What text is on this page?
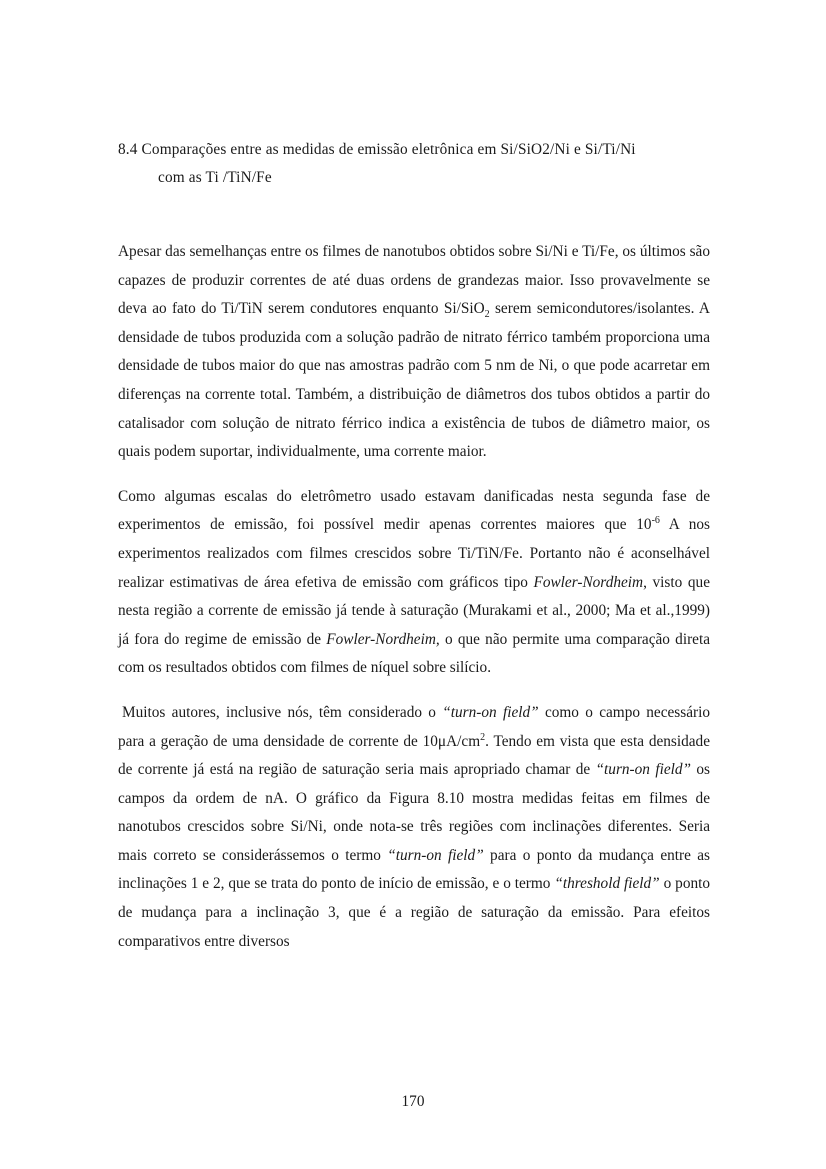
8.4 Comparações entre as medidas de emissão eletrônica em Si/SiO2/Ni e Si/Ti/Ni
com as Ti /TiN/Fe

Apesar das semelhanças entre os filmes de nanotubos obtidos sobre Si/Ni e Ti/Fe, os últimos são capazes de produzir correntes de até duas ordens de grandezas maior. Isso provavelmente se deva ao fato do Ti/TiN serem condutores enquanto Si/SiO$_2$ serem semicondutores/isolantes. A densidade de tubos produzida com a solução padrão de nitrato férrico também proporciona uma densidade de tubos maior do que nas amostras padrão com 5 nm de Ni, o que pode acarretar em diferenças na corrente total. Também, a distribuição de diâmetros dos tubos obtidos a partir do catalisador com solução de nitrato férrico indica a existência de tubos de diâmetro maior, os quais podem suportar, individualmente, uma corrente maior.

Como algumas escalas do eletrômetro usado estavam danificadas nesta segunda fase de experimentos de emissão, foi possível medir apenas correntes maiores que $10^{-6}$ A nos experimentos realizados com filmes crescidos sobre Ti/TiN/Fe. Portanto não é aconselhável realizar estimativas de área efetiva de emissão com gráficos tipo Fowler-Nordheim, visto que nesta região a corrente de emissão já tende à saturação (Murakami et al., 2000; Ma et al.,1999) já fora do regime de emissão de Fowler-Nordheim, o que não permite uma comparação direta com os resultados obtidos com filmes de níquel sobre silício.

Muitos autores, inclusive nós, têm considerado o “turn-on field” como o campo necessário para a geração de uma densidade de corrente de $10\mu A/cm^2$. Tendo em vista que esta densidade de corrente já está na região de saturação seria mais apropriado chamar de “turn-on field” os campos da ordem de nA. O gráfico da Figura 8.10 mostra medidas feitas em filmes de nanotubos crescidos sobre Si/Ni, onde nota-se três regiões com inclinações diferentes. Seria mais correto se considerássemos o termo “turn-on field” para o ponto da mudança entre as inclinações 1 e 2, que se trata do ponto de início de emissão, e o termo “threshold field” o ponto de mudança para a inclinação 3, que é a região de saturação da emissão. Para efeitos comparativos entre diversos

170
